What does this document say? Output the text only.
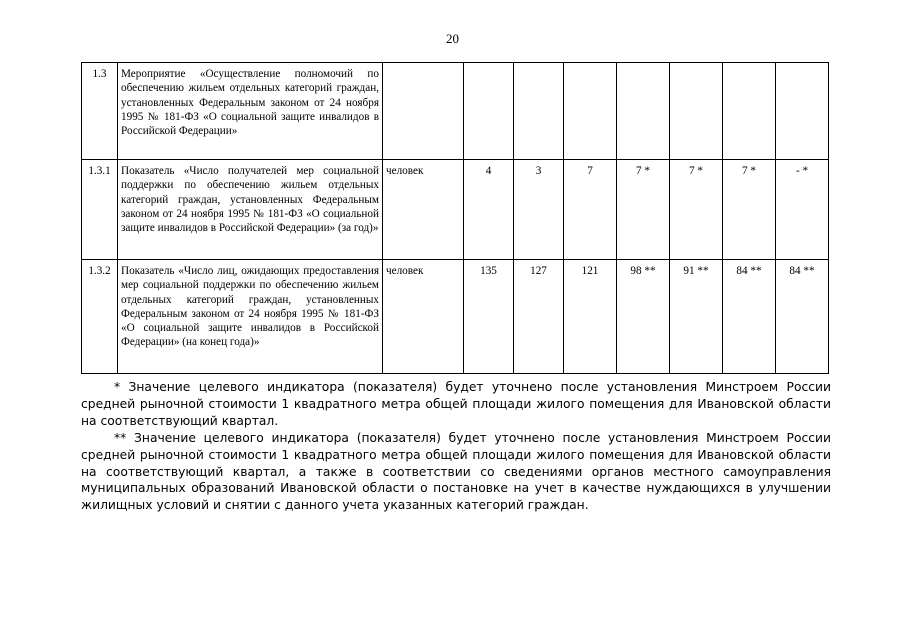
20
1.3	Мероприятие «Осуществление полномочий по обеспечению жильем отдельных категорий граждан, установленных Федеральным законом от 24 ноября 1995 № 181-ФЗ «О социальной защите инвалидов в Российской Федерации»								
1.3.1	Показатель «Число получателей мер социальной поддержки по обеспечению жильем отдельных категорий граждан, установленных Федеральным законом от 24 ноября 1995 № 181-ФЗ «О социальной защите инвалидов в Российской Федерации» (за год)»	человек	4	3	7	7 *	7 *	7 *	- *
1.3.2	Показатель «Число лиц, ожидающих предоставления мер социальной поддержки по обеспечению жильем отдельных категорий граждан, установленных Федеральным законом от 24 ноября 1995 № 181-ФЗ «О социальной защите инвалидов в Российской Федерации» (на конец года)»	человек	135	127	121	98 **	91 **	84 **	84 **

* Значение целевого индикатора (показателя) будет уточнено после установления Минстроем России средней рыночной стоимости 1 квадратного метра общей площади жилого помещения для Ивановской области на соответствующий квартал.

** Значение целевого индикатора (показателя) будет уточнено после установления Минстроем России средней рыночной стоимости 1 квадратного метра общей площади жилого помещения для Ивановской области на соответствующий квартал, а также в соответствии со сведениями органов местного самоуправления муниципальных образований Ивановской области о постановке на учет в качестве нуждающихся в улучшении жилищных условий и снятии с данного учета указанных категорий граждан.
